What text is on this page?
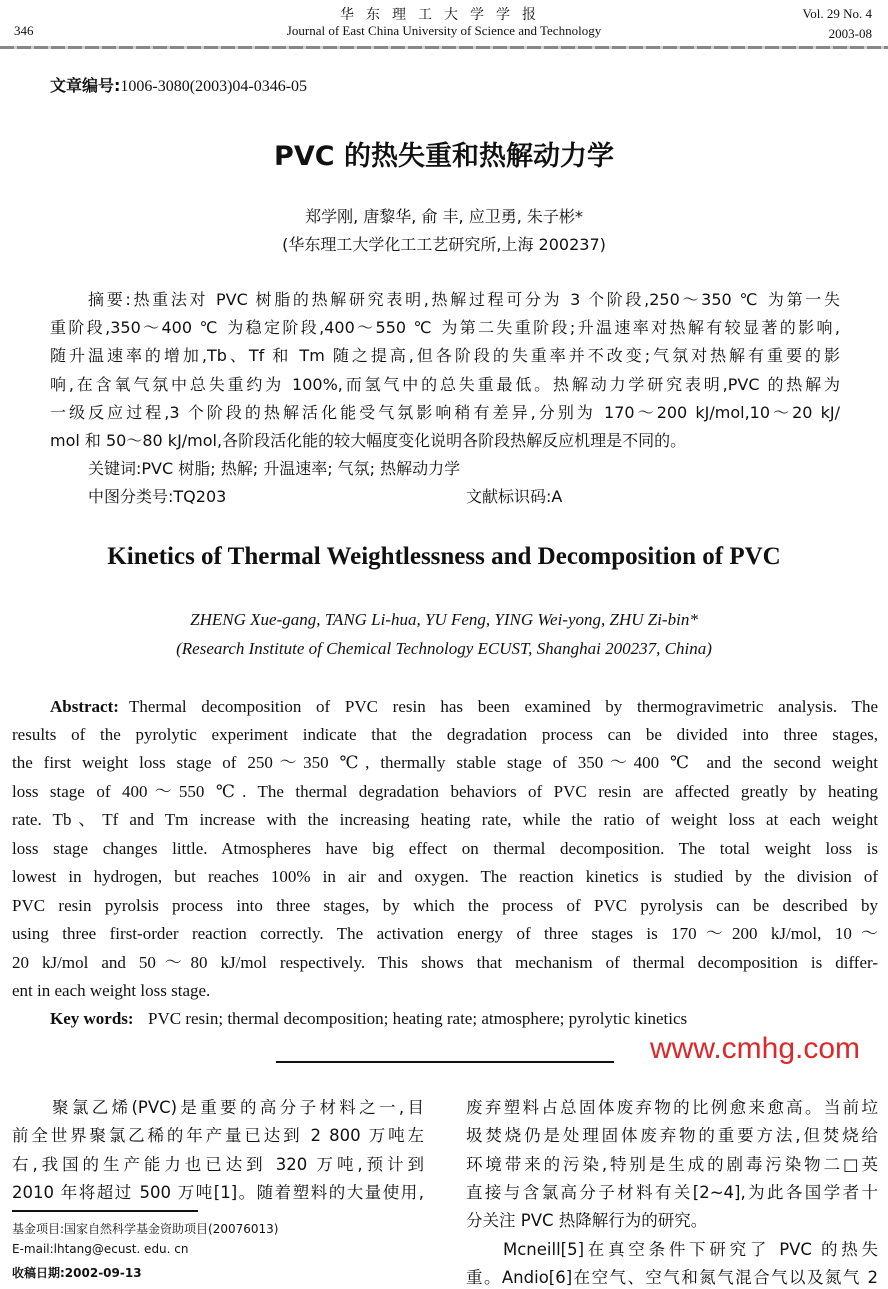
华东理工大学学报
Journal of East China University of Science and Technology
346
Vol. 29 No. 4
2003-08
文章编号:1006-3080(2003)04-0346-05
PVC 的热失重和热解动力学
郑学刚, 唐黎华, 俞 丰, 应卫勇, 朱子彬*
(华东理工大学化工工艺研究所,上海 200237)
摘要:热重法对 PVC 树脂的热解研究表明,热解过程可分为 3 个阶段,250～350 ℃ 为第一失
重阶段,350～400 ℃ 为稳定阶段,400～550 ℃ 为第二失重阶段;升温速率对热解有较显著的影响,
随升温速率的增加,Tb、Tf 和 Tm 随之提高,但各阶段的失重率并不改变;气氛对热解有重要的影
响,在含氧气氛中总失重约为 100%,而氢气中的总失重最低。热解动力学研究表明,PVC 的热解为
一级反应过程,3 个阶段的热解活化能受气氛影响稍有差异,分别为 170～200 kJ/mol,10～20 kJ/
mol 和 50～80 kJ/mol,各阶段活化能的较大幅度变化说明各阶段热解反应机理是不同的。
关键词:PVC 树脂; 热解; 升温速率; 气氛; 热解动力学
中图分类号:TQ203	文献标识码:A
Kinetics of Thermal Weightlessness and Decomposition of PVC
ZHENG Xue-gang, TANG Li-hua, YU Feng, YING Wei-yong, ZHU Zi-bin*
(Research Institute of Chemical Technology ECUST, Shanghai 200237, China)
Abstract: Thermal decomposition of PVC resin has been examined by thermogravimetric analysis. The
results of the pyrolytic experiment indicate that the degradation process can be divided into three stages,
the first weight loss stage of 250～350 ℃, thermally stable stage of 350～400 ℃ and the second weight
loss stage of 400～550 ℃. The thermal degradation behaviors of PVC resin are affected greatly by heating
rate. Tb、Tf and Tm increase with the increasing heating rate, while the ratio of weight loss at each weight
loss stage changes little. Atmospheres have big effect on thermal decomposition. The total weight loss is
lowest in hydrogen, but reaches 100% in air and oxygen. The reaction kinetics is studied by the division of
PVC resin pyrolsis process into three stages, by which the process of PVC pyrolysis can be described by
using three first-order reaction correctly. The activation energy of three stages is 170～200 kJ/mol, 10～
20 kJ/mol and 50～80 kJ/mol respectively. This shows that mechanism of thermal decomposition is differ-
ent in each weight loss stage.
Key words: PVC resin; thermal decomposition; heating rate; atmosphere; pyrolytic kinetics
聚氯乙烯(PVC)是重要的高分子材料之一,目
前全世界聚氯乙稀的年产量已达到 2 800 万吨左
右,我国的生产能力也已达到 320 万吨,预计到
2010 年将超过 500 万吨[1]。随着塑料的大量使用,
基金项目:国家自然科学基金资助项目(20076013)
E-mail:lhtang@ecust. edu. cn
收稿日期:2002-09-13
废弃塑料占总固体废弃物的比例愈来愈高。当前垃
圾焚烧仍是处理固体废弃物的重要方法,但焚烧给
环境带来的污染,特别是生成的剧毒污染物二□英
直接与含氯高分子材料有关[2~4],为此各国学者十
分关注 PVC 热降解行为的研究。
Mcneill[5]在真空条件下研究了 PVC 的热失
重。Andio[6]在空气、空气和氮气混合气以及氮气 2
www.cmhg.com
